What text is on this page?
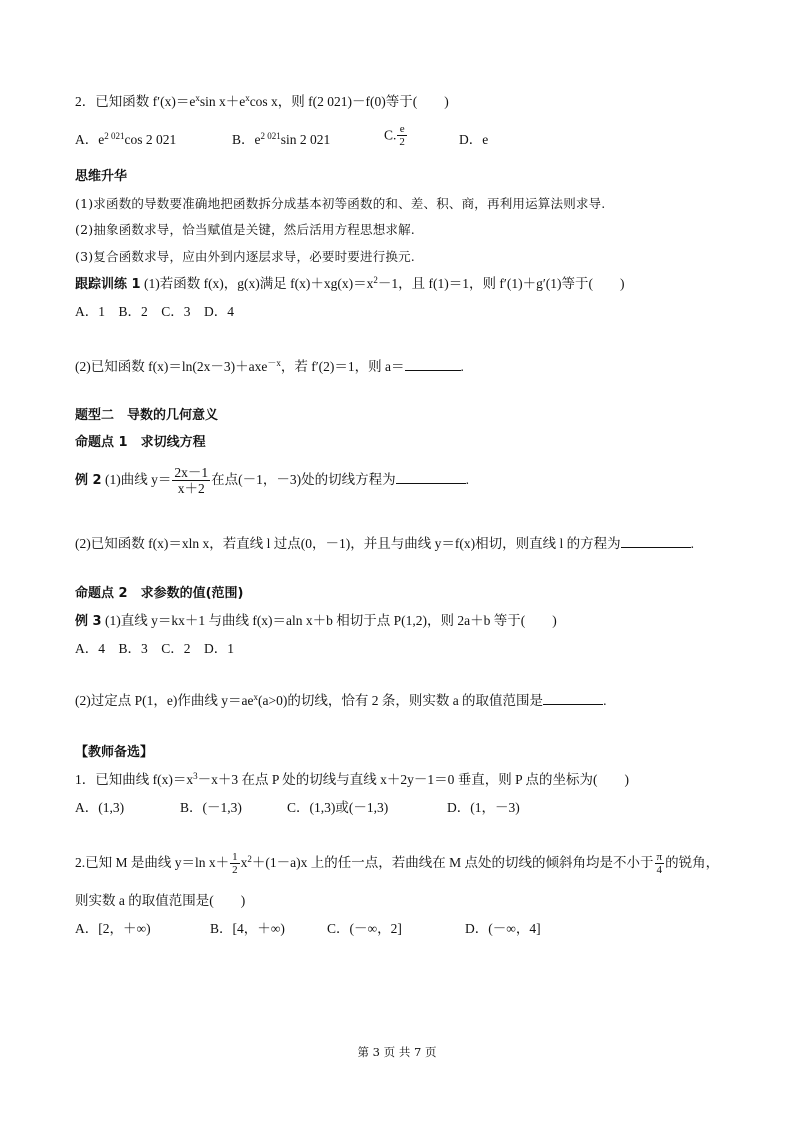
2．已知函数 $f'(x)=e^x\sin$ $x+e^x\cos$ x，则 f(2 021)－f(0)等于(　　)
A．$e^{2 021}\cos$ 2 021	B．$e^{2 021}\sin$ 2 021	C. $\frac{e}{2}$	D．e
思维升华
(1)求函数的导数要准确地把函数拆分成基本初等函数的和、差、积、商，再利用运算法则求导.
(2)抽象函数求导，恰当赋值是关键，然后活用方程思想求解.
(3)复合函数求导，应由外到内逐层求导，必要时要进行换元.
跟踪训练 1 (1)若函数 f(x)，g(x)满足 $f(x)+xg(x)=x^2-1$，且 f(1)＝1，则 f′(1)＋g′(1)等于(　　)
A．1　B．2　C．3　D．4
(2)已知函数 f(x)＝ln(2x－3)＋axe$^{-x}$，若 f′(2)＝1，则 a＝	.
题型二　导数的几何意义
命题点 1　求切线方程
例 2 (1)曲线 $y= \frac{2x-1}{x+2}$ 在点(－1，－3)处的切线方程为	.
(2)已知函数 f(x)＝xln x，若直线 l 过点(0，－1)，并且与曲线 y＝f(x)相切，则直线 l 的方程为	.
命题点 2　求参数的值(范围)
例 3 (1)直线 y＝kx＋1 与曲线 f(x)＝aln x＋b 相切于点 P(1,2)，则 2a＋b 等于(　　)
A．4　B．3　C．2　D．1
(2)过定点 P(1，e)作曲线 $y=ae^x(a>0)$的切线，恰有 2 条，则实数 a 的取值范围是	.
【教师备选】
1．已知曲线 $f(x)=x^3-x+3$ 在点 P 处的切线与直线 x＋2y－1＝0 垂直，则 P 点的坐标为(　　)
A．(1,3)	B．(－1,3)	C．(1,3)或(－1,3)	D．(1，－3)
2.已知 M 是曲线 y＝ln $x+ \frac{1}{2} x^2+(1-a)x$ 上的任一点，若曲线在 M 点处的切线的倾斜角均是不小于 $\frac{\pi}{4}$ 的锐角，
则实数 a 的取值范围是(　　)
A．[2，＋∞)	B．[4，＋∞)	C．(－∞，2]	D．(－∞，4]
第 3 页 共 7 页
